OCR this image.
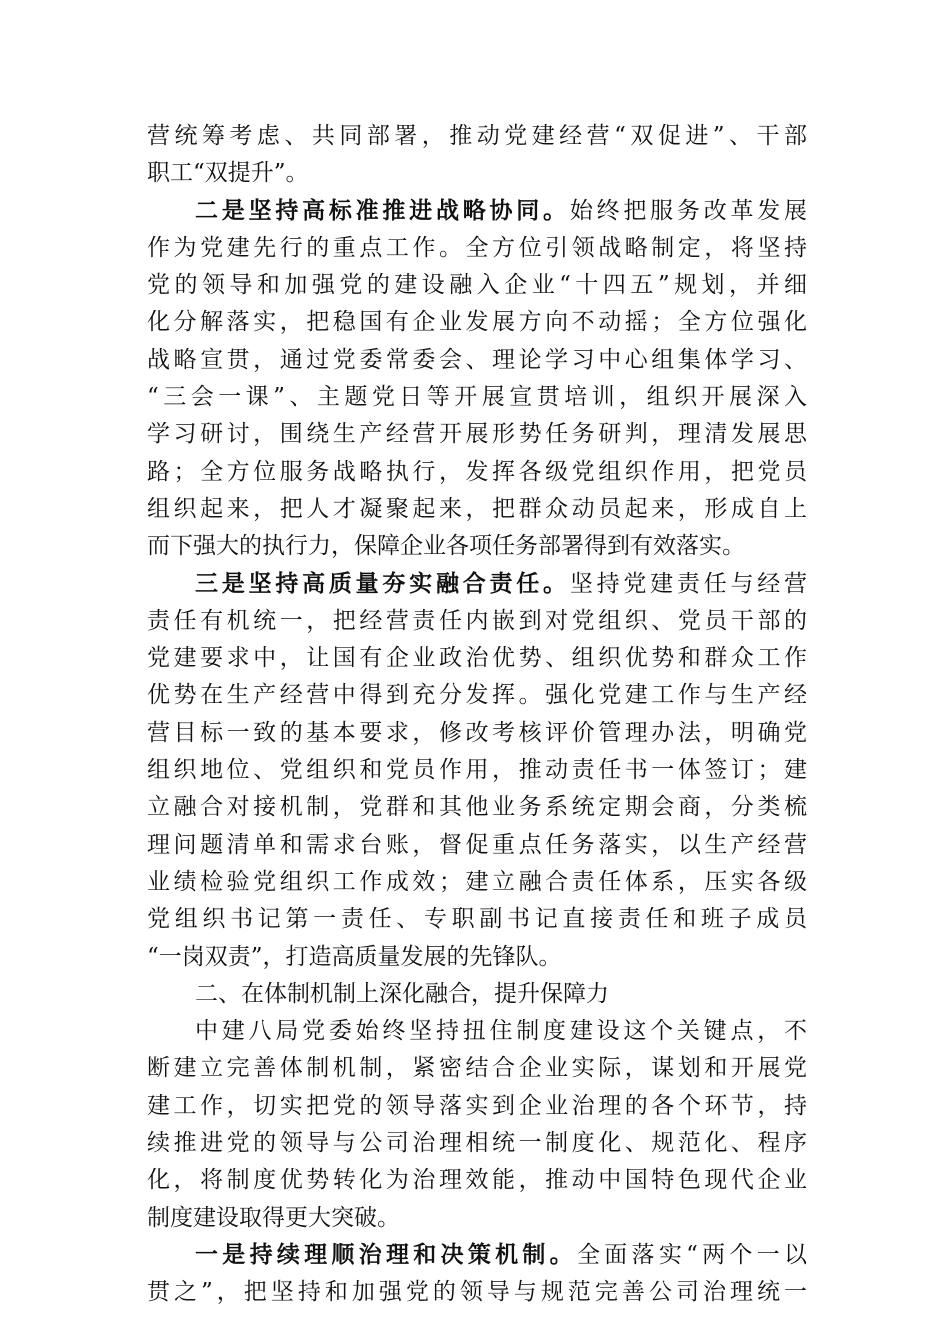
营统筹考虑、共同部署，推动党建经营“双促进”、干部
职工“双提升”。
二是坚持高标准推进战略协同。始终把服务改革发展
作为党建先行的重点工作。全方位引领战略制定，将坚持
党的领导和加强党的建设融入企业“十四五”规划，并细
化分解落实，把稳国有企业发展方向不动摇；全方位强化
战略宣贯，通过党委常委会、理论学习中心组集体学习、
“三会一课”、主题党日等开展宣贯培训，组织开展深入
学习研讨，围绕生产经营开展形势任务研判，理清发展思
路；全方位服务战略执行，发挥各级党组织作用，把党员
组织起来，把人才凝聚起来，把群众动员起来，形成自上
而下强大的执行力，保障企业各项任务部署得到有效落实。
三是坚持高质量夯实融合责任。坚持党建责任与经营
责任有机统一，把经营责任内嵌到对党组织、党员干部的
党建要求中，让国有企业政治优势、组织优势和群众工作
优势在生产经营中得到充分发挥。强化党建工作与生产经
营目标一致的基本要求，修改考核评价管理办法，明确党
组织地位、党组织和党员作用，推动责任书一体签订；建
立融合对接机制，党群和其他业务系统定期会商，分类梳
理问题清单和需求台账，督促重点任务落实，以生产经营
业绩检验党组织工作成效；建立融合责任体系，压实各级
党组织书记第一责任、专职副书记直接责任和班子成员
“一岗双责”，打造高质量发展的先锋队。
二、在体制机制上深化融合，提升保障力
中建八局党委始终坚持扭住制度建设这个关键点，不
断建立完善体制机制，紧密结合企业实际，谋划和开展党
建工作，切实把党的领导落实到企业治理的各个环节，持
续推进党的领导与公司治理相统一制度化、规范化、程序
化，将制度优势转化为治理效能，推动中国特色现代企业
制度建设取得更大突破。
一是持续理顺治理和决策机制。全面落实“两个一以
贯之”，把坚持和加强党的领导与规范完善公司治理统一
